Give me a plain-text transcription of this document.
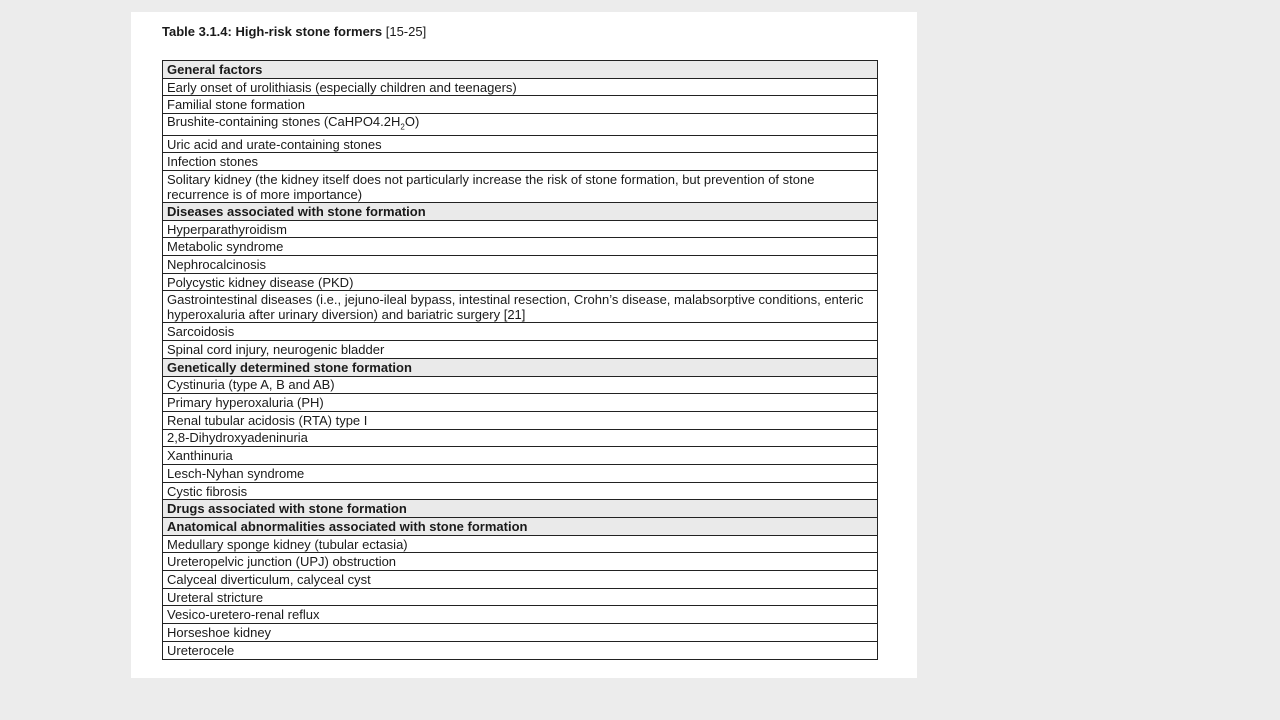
Table 3.1.4: High-risk stone formers [15-25]
General factors
Early onset of urolithiasis (especially children and teenagers)
Familial stone formation
Brushite-containing stones $(CaHPO4.2H_2O)$
Uric acid and urate-containing stones
Infection stones
Solitary kidney (the kidney itself does not particularly increase the risk of stone formation, but prevention of stone recurrence is of more importance)
Diseases associated with stone formation
Hyperparathyroidism
Metabolic syndrome
Nephrocalcinosis
Polycystic kidney disease (PKD)
Gastrointestinal diseases (i.e., jejuno-ileal bypass, intestinal resection, Crohn’s disease, malabsorptive conditions, enteric hyperoxaluria after urinary diversion) and bariatric surgery [21]
Sarcoidosis
Spinal cord injury, neurogenic bladder
Genetically determined stone formation
Cystinuria (type A, B and AB)
Primary hyperoxaluria (PH)
Renal tubular acidosis (RTA) type I
2,8-Dihydroxyadeninuria
Xanthinuria
Lesch-Nyhan syndrome
Cystic fibrosis
Drugs associated with stone formation
Anatomical abnormalities associated with stone formation
Medullary sponge kidney (tubular ectasia)
Ureteropelvic junction (UPJ) obstruction
Calyceal diverticulum, calyceal cyst
Ureteral stricture
Vesico-uretero-renal reflux
Horseshoe kidney
Ureterocele
